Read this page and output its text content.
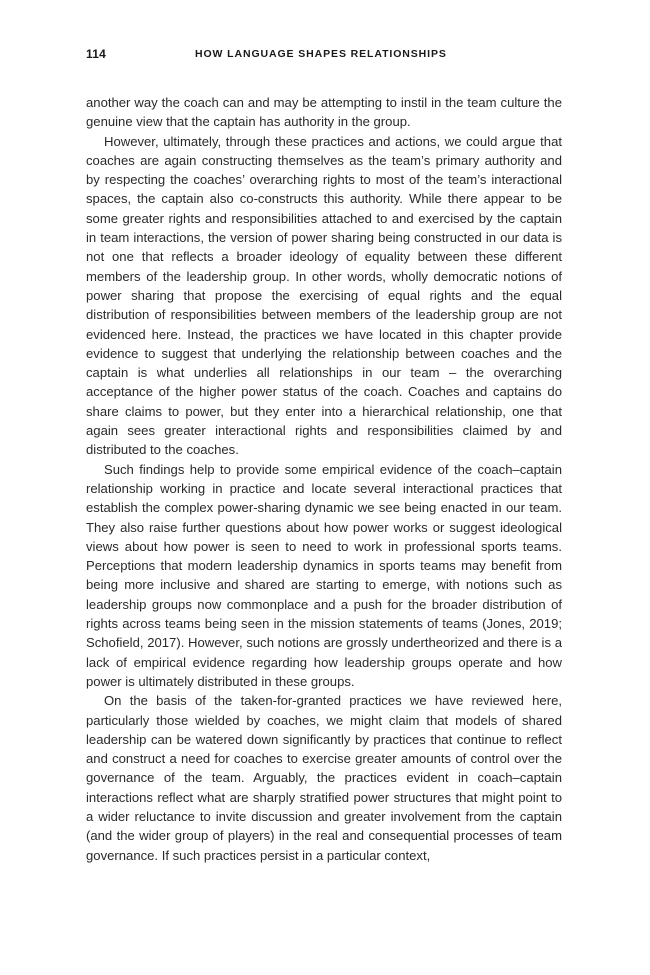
114	HOW LANGUAGE SHAPES RELATIONSHIPS

another way the coach can and may be attempting to instil in the team culture the genuine view that the captain has authority in the group.

However, ultimately, through these practices and actions, we could argue that coaches are again constructing themselves as the team’s primary authority and by respecting the coaches’ overarching rights to most of the team’s interactional spaces, the captain also co-constructs this authority. While there appear to be some greater rights and responsibilities attached to and exercised by the captain in team interactions, the version of power sharing being constructed in our data is not one that reflects a broader ideology of equality between these different members of the leadership group. In other words, wholly democratic notions of power sharing that propose the exercising of equal rights and the equal distribution of responsibilities between members of the leadership group are not evidenced here. Instead, the practices we have located in this chapter provide evidence to suggest that underlying the relationship between coaches and the captain is what underlies all relationships in our team – the overarching acceptance of the higher power status of the coach. Coaches and captains do share claims to power, but they enter into a hierarchical relationship, one that again sees greater interactional rights and responsibilities claimed by and distributed to the coaches.

Such findings help to provide some empirical evidence of the coach–captain relationship working in practice and locate several interactional practices that establish the complex power-sharing dynamic we see being enacted in our team. They also raise further questions about how power works or suggest ideological views about how power is seen to need to work in professional sports teams. Perceptions that modern leadership dynamics in sports teams may benefit from being more inclusive and shared are starting to emerge, with notions such as leadership groups now commonplace and a push for the broader distribution of rights across teams being seen in the mission statements of teams (Jones, 2019; Schofield, 2017). However, such notions are grossly undertheorized and there is a lack of empirical evidence regarding how leadership groups operate and how power is ultimately distributed in these groups.

On the basis of the taken-for-granted practices we have reviewed here, particularly those wielded by coaches, we might claim that models of shared leadership can be watered down significantly by practices that continue to reflect and construct a need for coaches to exercise greater amounts of control over the governance of the team. Arguably, the practices evident in coach–captain interactions reflect what are sharply stratified power structures that might point to a wider reluctance to invite discussion and greater involvement from the captain (and the wider group of players) in the real and consequential processes of team governance. If such practices persist in a particular context,
